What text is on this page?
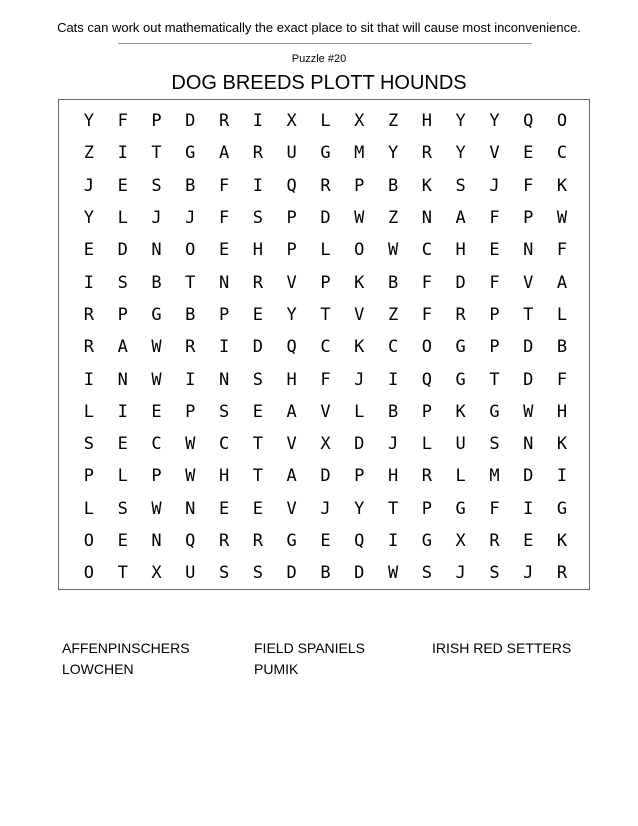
Cats can work out mathematically the exact place to sit that will cause most inconvenience.
Puzzle #20
DOG BREEDS PLOTT HOUNDS
Y	F	P	D	R	I	X	L	X	Z	H	Y	Y	Q	O
Z	I	T	G	A	R	U	G	M	Y	R	Y	V	E	C
J	E	S	B	F	I	Q	R	P	B	K	S	J	F	K
Y	L	J	J	F	S	P	D	W	Z	N	A	F	P	W
E	D	N	O	E	H	P	L	O	W	C	H	E	N	F
I	S	B	T	N	R	V	P	K	B	F	D	F	V	A
R	P	G	B	P	E	Y	T	V	Z	F	R	P	T	L
R	A	W	R	I	D	Q	C	K	C	O	G	P	D	B
I	N	W	I	N	S	H	F	J	I	Q	G	T	D	F
L	I	E	P	S	E	A	V	L	B	P	K	G	W	H
S	E	C	W	C	T	V	X	D	J	L	U	S	N	K
P	L	P	W	H	T	A	D	P	H	R	L	M	D	I
L	S	W	N	E	E	V	J	Y	T	P	G	F	I	G
O	E	N	Q	R	R	G	E	Q	I	G	X	R	E	K
O	T	X	U	S	S	D	B	D	W	S	J	S	J	R
AFFENPINSCHERS	FIELD SPANIELS	IRISH RED SETTERS
LOWCHEN	PUMIK
